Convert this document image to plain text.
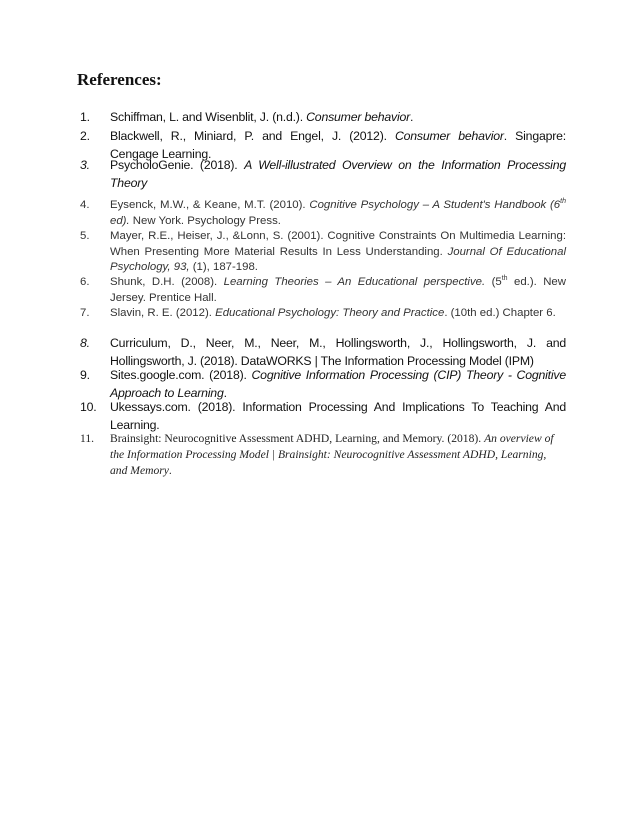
References:
1.	Schiffman, L. and Wisenblit, J. (n.d.). Consumer behavior.
2.	Blackwell, R., Miniard, P. and Engel, J. (2012). Consumer behavior. Singapre: Cengage Learning.
3.	PsycholoGenie. (2018). A Well-illustrated Overview on the Information Processing Theory
4.	Eysenck, M.W., & Keane, M.T. (2010). Cognitive Psychology – A Student's Handbook (6th ed). New York. Psychology Press.
5.	Mayer, R.E., Heiser, J., &Lonn, S. (2001). Cognitive Constraints On Multimedia Learning: When Presenting More Material Results In Less Understanding. Journal Of Educational Psychology, 93, (1), 187-198.
6.	Shunk, D.H. (2008). Learning Theories – An Educational perspective. (5th ed.). New Jersey. Prentice Hall.
7.	Slavin, R. E. (2012). Educational Psychology: Theory and Practice. (10th ed.) Chapter 6.
8.	Curriculum, D., Neer, M., Neer, M., Hollingsworth, J., Hollingsworth, J. and Hollingsworth, J. (2018). DataWORKS | The Information Processing Model (IPM)
9.	Sites.google.com. (2018). Cognitive Information Processing (CIP) Theory - Cognitive Approach to Learning.
10.	Ukessays.com. (2018). Information Processing And Implications To Teaching And Learning.
11.	Brainsight: Neurocognitive Assessment ADHD, Learning, and Memory. (2018). An overview of the Information Processing Model | Brainsight: Neurocognitive Assessment ADHD, Learning, and Memory.
